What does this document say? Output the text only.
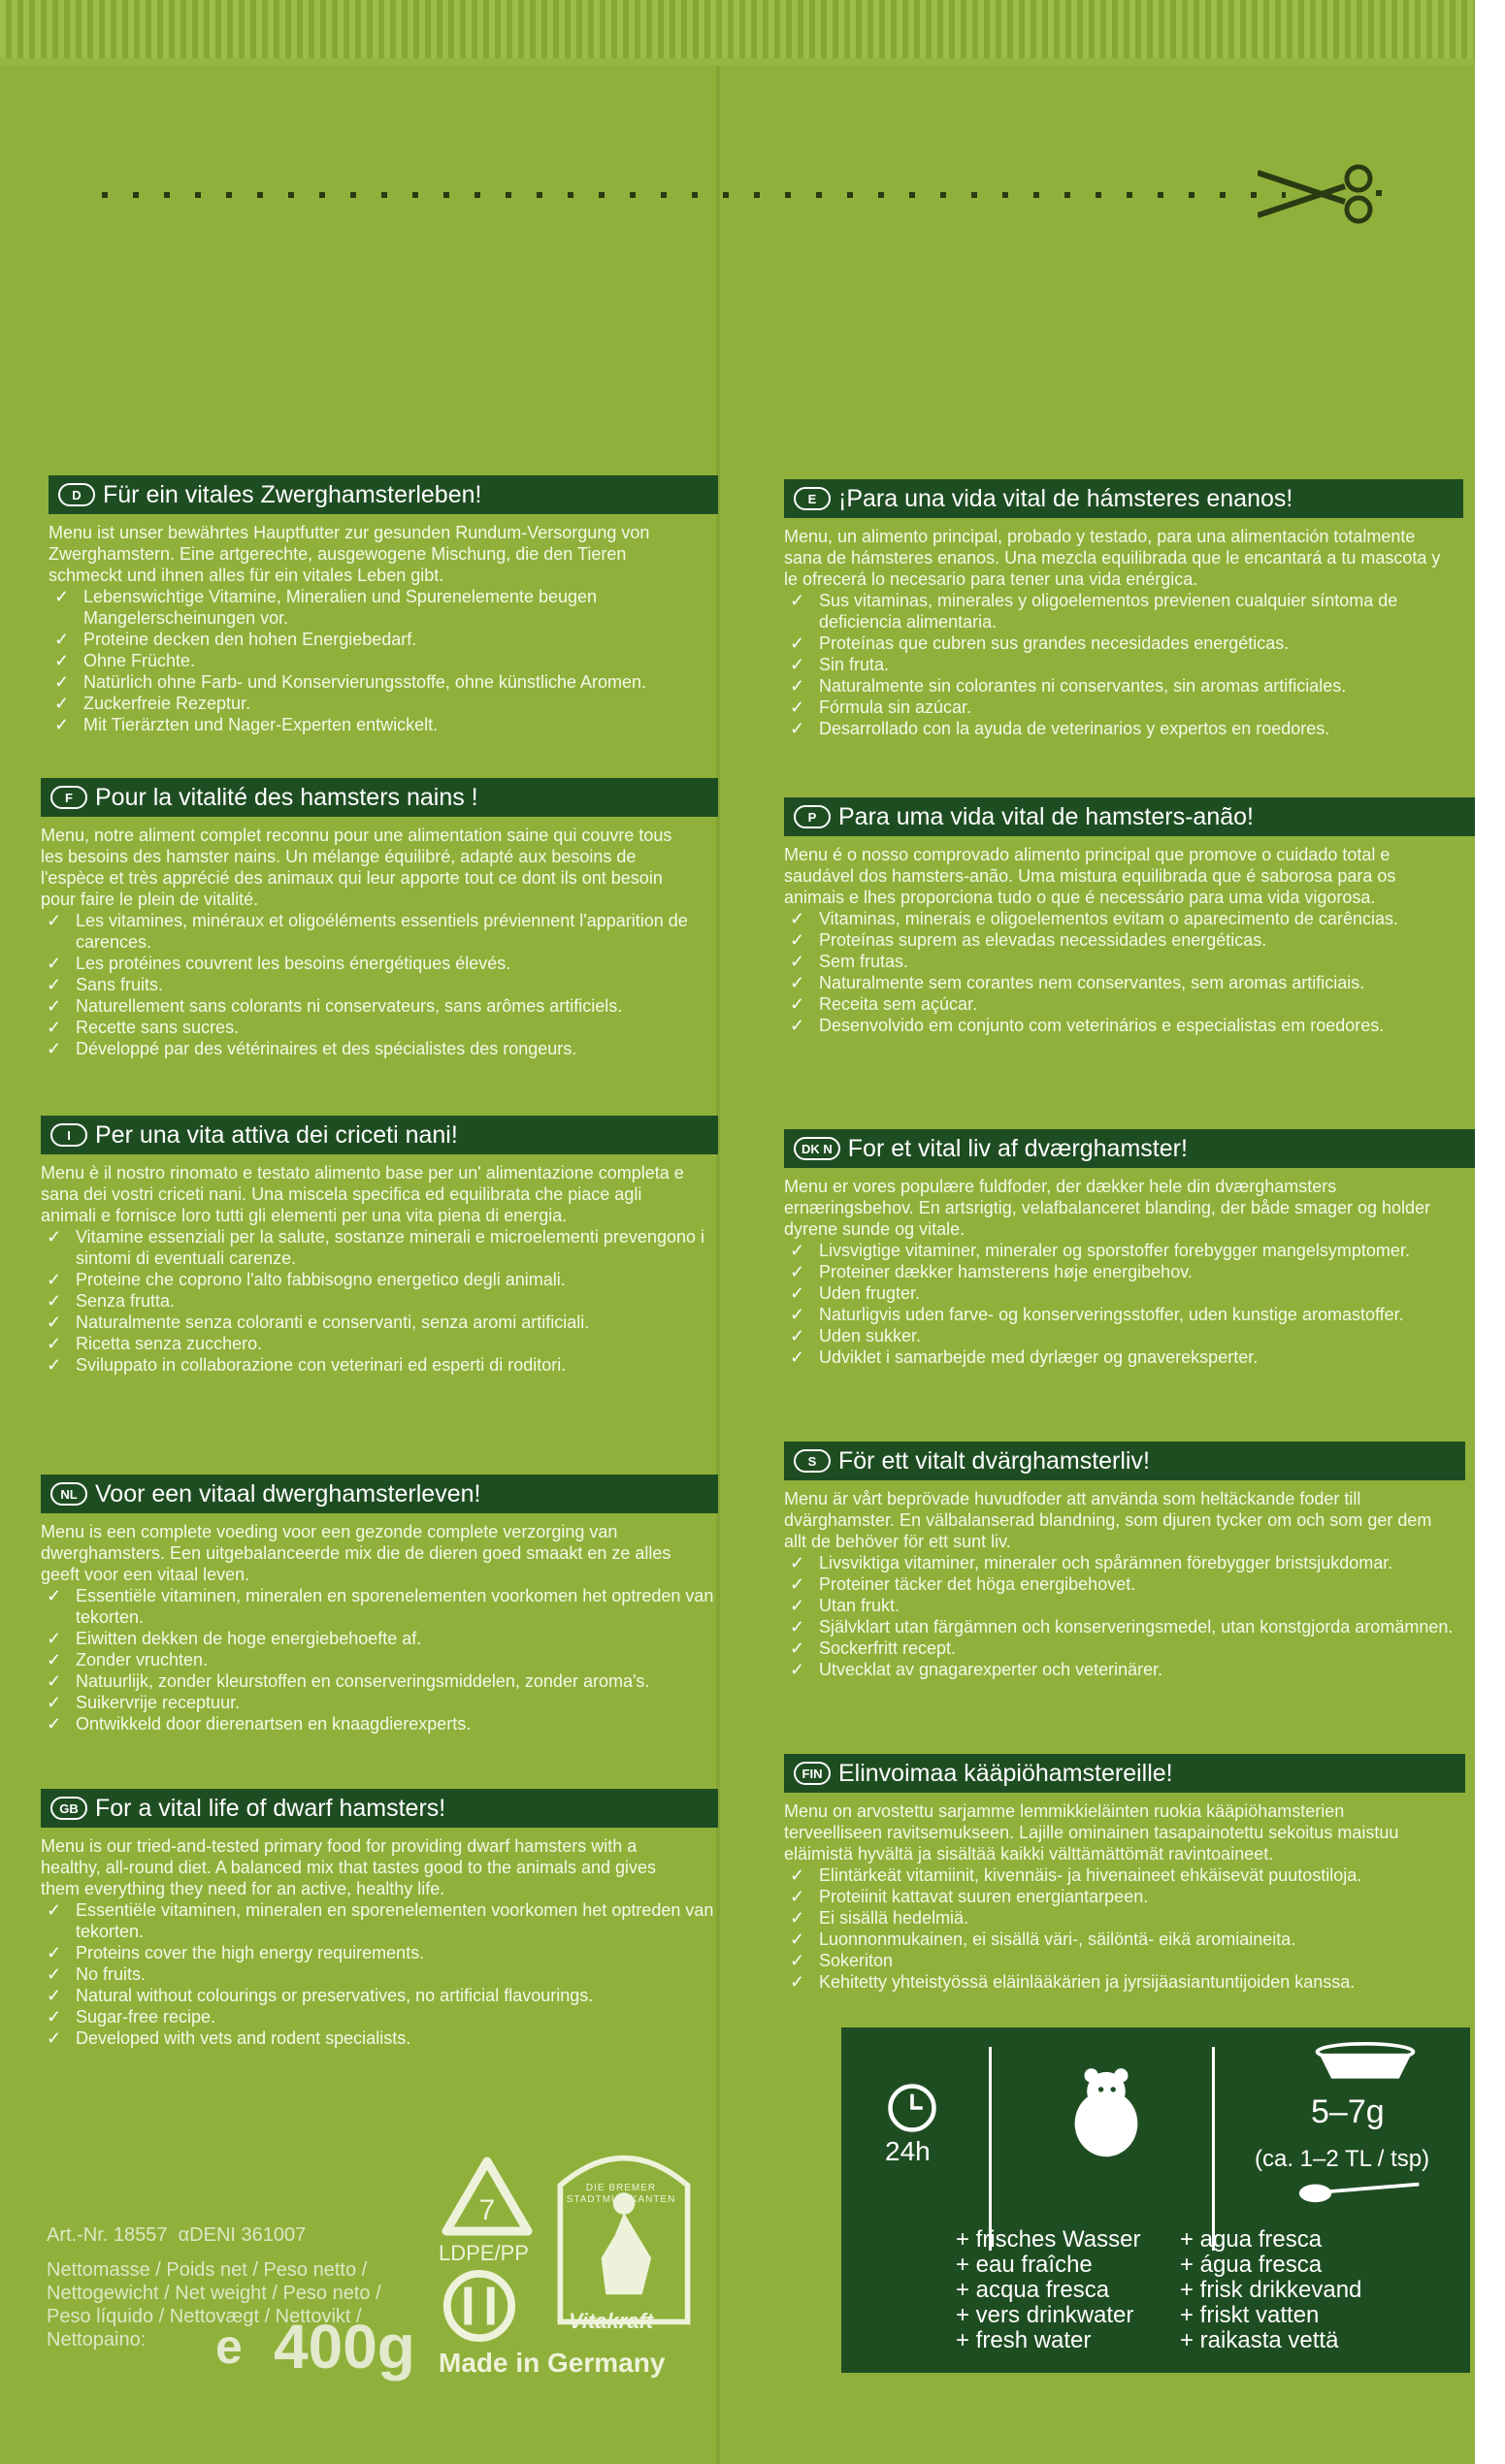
D Für ein vitales Zwerghamsterleben!
Menu ist unser bewährtes Hauptfutter zur gesunden Rundum-Versorgung von Zwerghamstern. Eine artgerechte, ausgewogene Mischung, die den Tieren schmeckt und ihnen alles für ein vitales Leben gibt.
✓ Lebenswichtige Vitamine, Mineralien und Spurenelemente beugen Mangelerscheinungen vor.
✓ Proteine decken den hohen Energiebedarf.
✓ Ohne Früchte.
✓ Natürlich ohne Farb- und Konservierungsstoffe, ohne künstliche Aromen.
✓ Zuckerfreie Rezeptur.
✓ Mit Tierärzten und Nager-Experten entwickelt.
F Pour la vitalité des hamsters nains !
Menu, notre aliment complet reconnu pour une alimentation saine qui couvre tous les besoins des hamster nains. Un mélange équilibré, adapté aux besoins de l'espèce et très apprécié des animaux qui leur apporte tout ce dont ils ont besoin pour faire le plein de vitalité.
✓ Les vitamines, minéraux et oligoéléments essentiels préviennent l'apparition de carences.
✓ Les protéines couvrent les besoins énergétiques élevés.
✓ Sans fruits.
✓ Naturellement sans colorants ni conservateurs, sans arômes artificiels.
✓ Recette sans sucres.
✓ Développé par des vétérinaires et des spécialistes des rongeurs.
I	Per una vita attiva dei criceti nani!
Menu è il nostro rinomato e testato alimento base per un' alimentazione completa e sana dei vostri criceti nani. Una miscela specifica ed equilibrata che piace agli animali e fornisce loro tutti gli elementi per una vita piena di energia.
✓ Vitamine essenziali per la salute, sostanze minerali e microelementi prevengono i sintomi di eventuali carenze.
✓ Proteine che coprono l'alto fabbisogno energetico degli animali.
✓ Senza frutta.
✓ Naturalmente senza coloranti e conservanti, senza aromi artificiali.
✓ Ricetta senza zucchero.
✓ Sviluppato in collaborazione con veterinari ed esperti di roditori.
NL Voor een vitaal dwerghamsterleven!
Menu is een complete voeding voor een gezonde complete verzorging van dwerghamsters. Een uitgebalanceerde mix die de dieren goed smaakt en ze alles geeft voor een vitaal leven.
✓ Essentiële vitaminen, mineralen en sporenelementen voorkomen het optreden van tekorten.
✓ Eiwitten dekken de hoge energiebehoefte af.
✓ Zonder vruchten.
✓ Natuurlijk, zonder kleurstoffen en conserveringsmiddelen, zonder aroma's.
✓ Suikervrije receptuur.
✓ Ontwikkeld door dierenartsen en knaagdierexperts.
GB For a vital life of dwarf hamsters!
Menu is our tried-and-tested primary food for providing dwarf hamsters with a healthy, all-round diet. A balanced mix that tastes good to the animals and gives them everything they need for an active, healthy life.
✓ Essentiële vitaminen, mineralen en sporenelementen voorkomen het optreden van tekorten.
✓ Proteins cover the high energy requirements.
✓ No fruits.
✓ Natural without colourings or preservatives, no artificial flavourings.
✓ Sugar-free recipe.
✓ Developed with vets and rodent specialists.
E ¡Para una vida vital de hámsteres enanos!
Menu, un alimento principal, probado y testado, para una alimentación totalmente sana de hámsteres enanos. Una mezcla equilibrada que le encantará a tu mascota y le ofrecerá lo necesario para tener una vida enérgica.
✓ Sus vitaminas, minerales y oligoelementos previenen cualquier síntoma de deficiencia alimentaria.
✓ Proteínas que cubren sus grandes necesidades energéticas.
✓ Sin fruta.
✓ Naturalmente sin colorantes ni conservantes, sin aromas artificiales.
✓ Fórmula sin azúcar.
✓ Desarrollado con la ayuda de veterinarios y expertos en roedores.
P Para uma vida vital de hamsters-anão!
Menu é o nosso comprovado alimento principal que promove o cuidado total e saudável dos hamsters-anão. Uma mistura equilibrada que é saborosa para os animais e lhes proporciona tudo o que é necessário para uma vida vigorosa.
✓ Vitaminas, minerais e oligoelementos evitam o aparecimento de carências.
✓ Proteínas suprem as elevadas necessidades energéticas.
✓ Sem frutas.
✓ Naturalmente sem corantes nem conservantes, sem aromas artificiais.
✓ Receita sem açúcar.
✓ Desenvolvido em conjunto com veterinários e especialistas em roedores.
DK N For et vital liv af dværghamster!
Menu er vores populære fuldfoder, der dækker hele din dværghamsters ernæringsbehov. En artsrigtig, velafbalanceret blanding, der både smager og holder dyrene sunde og vitale.
✓ Livsvigtige vitaminer, mineraler og sporstoffer forebygger mangelsymptomer.
✓ Proteiner dækker hamsterens høje energibehov.
✓ Uden frugter.
✓ Naturligvis uden farve- og konserveringsstoffer, uden kunstige aromastoffer.
✓ Uden sukker.
✓ Udviklet i samarbejde med dyrlæger og gnavereksperter.
S För ett vitalt dvärghamsterliv!
Menu är vårt beprövade huvudfoder att använda som heltäckande foder till dvärghamster. En välbalanserad blandning, som djuren tycker om och som ger dem allt de behöver för ett sunt liv.
✓ Livsviktiga vitaminer, mineraler och spårämnen förebygger bristsjukdomar.
✓ Proteiner täcker det höga energibehovet.
✓ Utan frukt.
✓ Självklart utan färgämnen och konserveringsmedel, utan konstgjorda aromämnen.
✓ Sockerfritt recept.
✓ Utvecklat av gnagarexperter och veterinärer.
FIN Elinvoimaa kääpiöhamstereille!
Menu on arvostettu sarjamme lemmikkieläinten ruokia kääpiöhamsterien terveelliseen ravitsemukseen. Lajille ominainen tasapainotettu sekoitus maistuu eläimistä hyvältä ja sisältää kaikki välttämättömät ravintoaineet.
✓ Elintärkeät vitamiinit, kivennäis- ja hivenaineet ehkäisevät puutostiloja.
✓ Proteiinit kattavat suuren energiantarpeen.
✓ Ei sisällä hedelmiä.
✓ Luonnonmukainen, ei sisällä väri-, säilöntä- eikä aromiaineita.
✓ Sokeriton
✓ Kehitetty yhteistyössä eläinlääkärien ja jyrsijäasiantuntijoiden kanssa.
Art.-Nr. 18557  αDENI 361007
Nettomasse / Poids net / Peso netto / Nettogewicht / Net weight / Peso neto / Peso líquido / Nettovægt / Nettovikt / Nettopaino:	e 400g
7
LDPE/PP
Made in Germany
DIE BREMER STADTMUSIKANTEN
Vitakraft
24h
5–7g
(ca. 1–2 TL / tsp)
+ frisches Wasser
+ eau fraîche
+ acqua fresca
+ vers drinkwater
+ fresh water
+ agua fresca
+ água fresca
+ frisk drikkevand
+ friskt vatten
+ raikasta vettä
